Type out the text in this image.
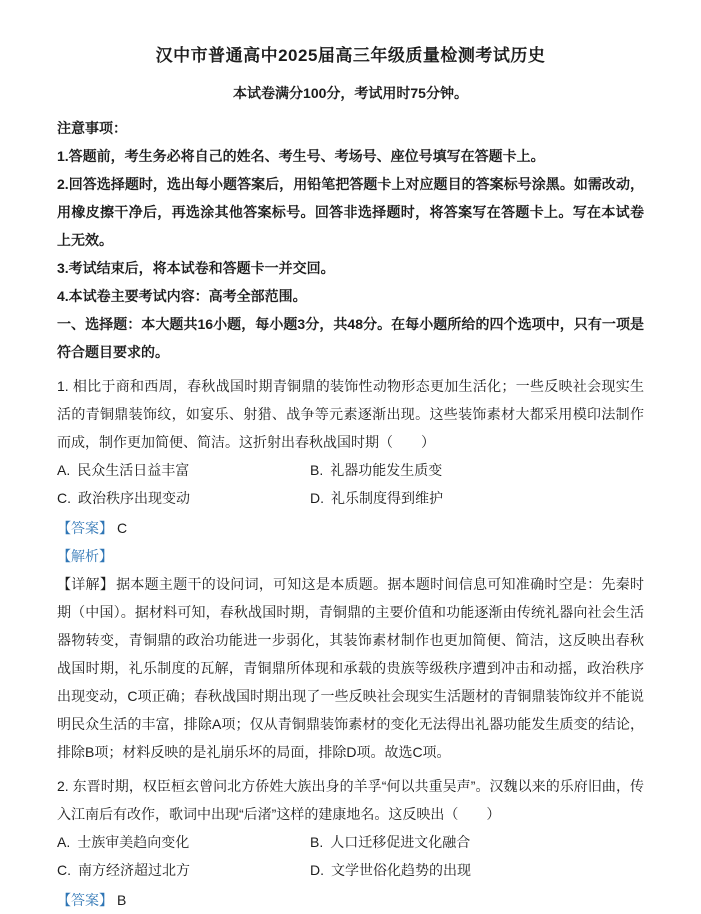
汉中市普通高中2025届高三年级质量检测考试历史
本试卷满分100分，考试用时75分钟。

注意事项：

1.答题前，考生务必将自己的姓名、考生号、考场号、座位号填写在答题卡上。

2.回答选择题时，选出每小题答案后，用铅笔把答题卡上对应题目的答案标号涂黑。如需改动，用橡皮擦干净后，再选涂其他答案标号。回答非选择题时，将答案写在答题卡上。写在本试卷上无效。

3.考试结束后，将本试卷和答题卡一并交回。

4.本试卷主要考试内容：高考全部范围。

一、选择题：本大题共16小题，每小题3分，共48分。在每小题所给的四个选项中，只有一项是符合题目要求的。

1. 相比于商和西周，春秋战国时期青铜鼎的装饰性动物形态更加生活化；一些反映社会现实生活的青铜鼎装饰纹，如宴乐、射猎、战争等元素逐渐出现。这些装饰素材大都采用模印法制作而成，制作更加简便、简洁。这折射出春秋战国时期（　　）

A. 民众生活日益丰富	B. 礼器功能发生质变
C. 政治秩序出现变动	D. 礼乐制度得到维护

【答案】 C

【解析】

【详解】 据本题主题干的设问词，可知这是本质题。据本题时间信息可知准确时空是：先秦时期（中国）。据材料可知，春秋战国时期，青铜鼎的主要价值和功能逐渐由传统礼器向社会生活器物转变，青铜鼎的政治功能进一步弱化，其装饰素材制作也更加简便、简洁，这反映出春秋战国时期，礼乐制度的瓦解，青铜鼎所体现和承载的贵族等级秩序遭到冲击和动摇，政治秩序出现变动，C项正确；春秋战国时期出现了一些反映社会现实生活题材的青铜鼎装饰纹并不能说明民众生活的丰富，排除A项；仅从青铜鼎装饰素材的变化无法得出礼器功能发生质变的结论，排除B项；材料反映的是礼崩乐坏的局面，排除D项。故选C项。

2. 东晋时期，权臣桓玄曾问北方侨姓大族出身的羊孚“何以共重吴声”。汉魏以来的乐府旧曲，传入江南后有改作，歌词中出现“后渚”这样的建康地名。这反映出（　　）

A. 士族审美趋向变化	B. 人口迁移促进文化融合
C. 南方经济超过北方	D. 文学世俗化趋势的出现

【答案】 B
